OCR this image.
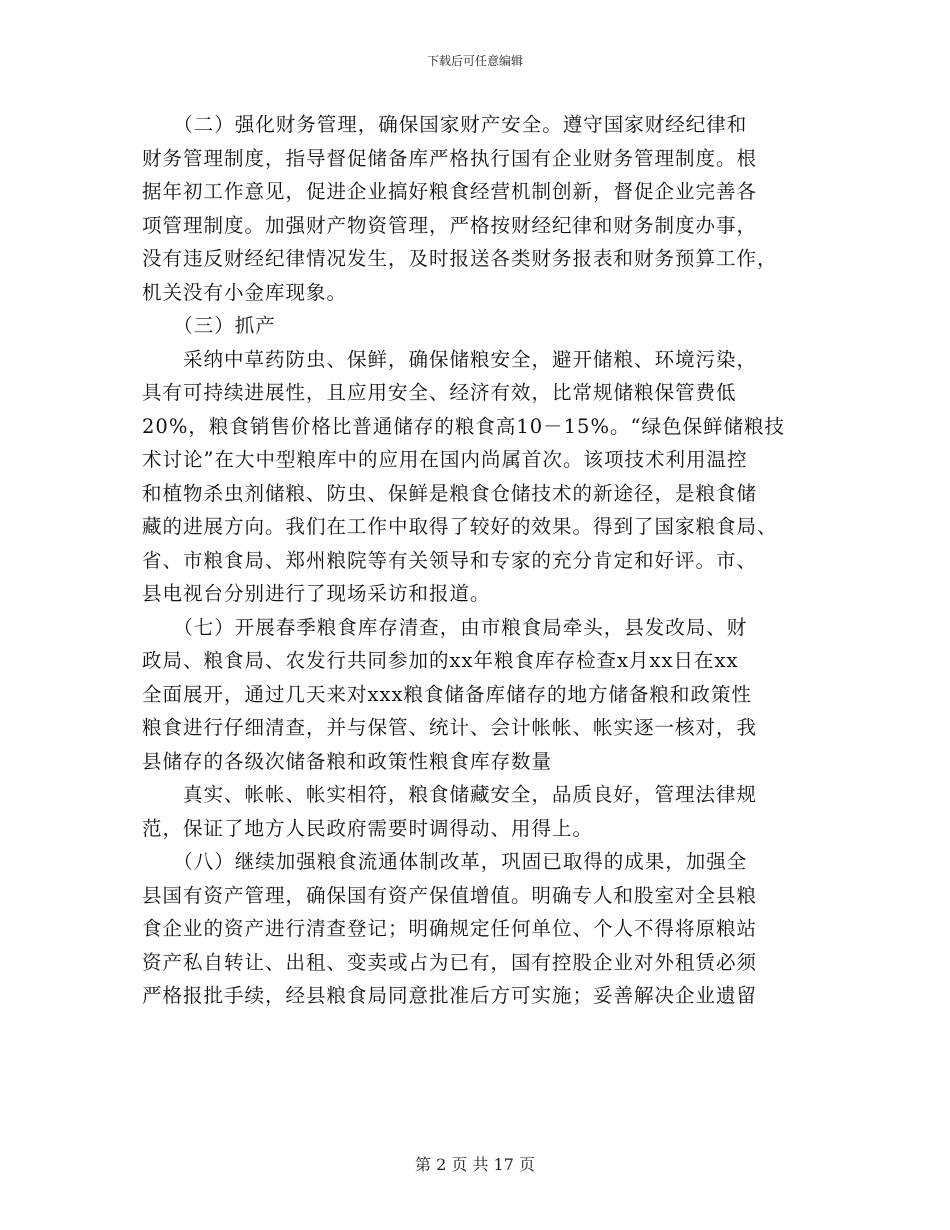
下载后可任意编辑

　　（二）强化财务管理，确保国家财产安全。遵守国家财经纪律和

财务管理制度，指导督促储备库严格执行国有企业财务管理制度。根

据年初工作意见，促进企业搞好粮食经营机制创新，督促企业完善各

项管理制度。加强财产物资管理，严格按财经纪律和财务制度办事，

没有违反财经纪律情况发生，及时报送各类财务报表和财务预算工作，

机关没有小金库现象。

　　（三）抓产

　　采纳中草药防虫、保鲜，确保储粮安全，避开储粮、环境污染，

具有可持续进展性，且应用安全、经济有效，比常规储粮保管费低

20%，粮食销售价格比普通储存的粮食高10－15%。“绿色保鲜储粮技

术讨论”在大中型粮库中的应用在国内尚属首次。该项技术利用温控

和植物杀虫剂储粮、防虫、保鲜是粮食仓储技术的新途径，是粮食储

藏的进展方向。我们在工作中取得了较好的效果。得到了国家粮食局、

省、市粮食局、郑州粮院等有关领导和专家的充分肯定和好评。市、

县电视台分别进行了现场采访和报道。

　　（七）开展春季粮食库存清查，由市粮食局牵头，县发改局、财

政局、粮食局、农发行共同参加的xx年粮食库存检查x月xx日在xx

全面展开，通过几天来对xxx粮食储备库储存的地方储备粮和政策性

粮食进行仔细清查，并与保管、统计、会计帐帐、帐实逐一核对，我

县储存的各级次储备粮和政策性粮食库存数量

　　真实、帐帐、帐实相符，粮食储藏安全，品质良好，管理法律规

范，保证了地方人民政府需要时调得动、用得上。

　　（八）继续加强粮食流通体制改革，巩固已取得的成果，加强全

县国有资产管理，确保国有资产保值增值。明确专人和股室对全县粮

食企业的资产进行清查登记；明确规定任何单位、个人不得将原粮站

资产私自转让、出租、变卖或占为已有，国有控股企业对外租赁必须

严格报批手续，经县粮食局同意批准后方可实施；妥善解决企业遗留

第 2 页 共 17 页
